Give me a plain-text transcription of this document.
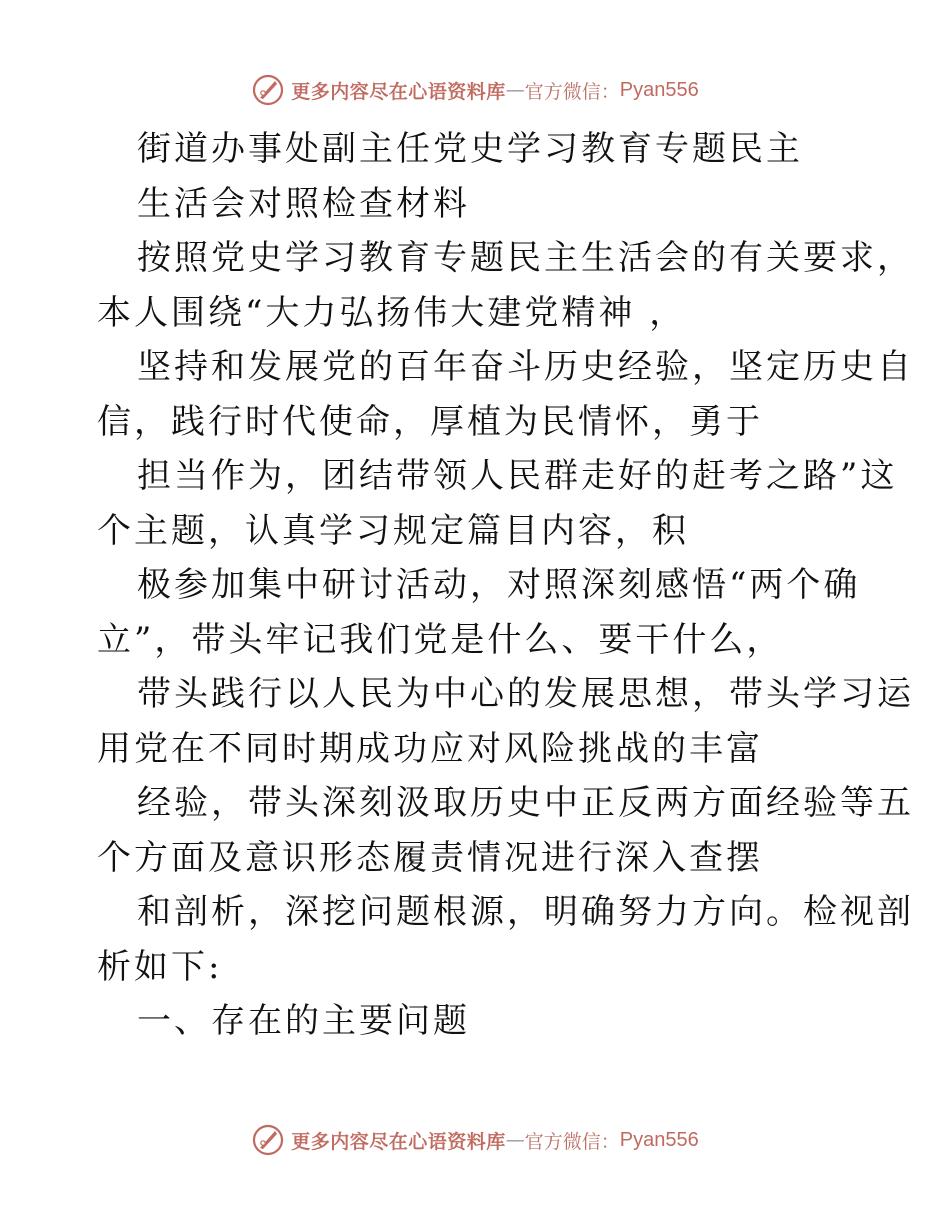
更多内容尽在心语资料库 — 官方微信： Pyan556
街道办事处副主任党史学习教育专题民主
生活会对照检查材料
按照党史学习教育专题民主生活会的有关要求，
本人围绕“大力弘扬伟大建党精神 ，
坚持和发展党的百年奋斗历史经验，坚定历史自
信，践行时代使命，厚植为民情怀，勇于
担当作为，团结带领人民群走好的赶考之路”这
个主题，认真学习规定篇目内容，积
极参加集中研讨活动，对照深刻感悟“两个确
立”，带头牢记我们党是什么、要干什么，
带头践行以人民为中心的发展思想，带头学习运
用党在不同时期成功应对风险挑战的丰富
经验，带头深刻汲取历史中正反两方面经验等五
个方面及意识形态履责情况进行深入查摆
和剖析，深挖问题根源，明确努力方向。检视剖
析如下:
一、存在的主要问题
更多内容尽在心语资料库 — 官方微信： Pyan556
